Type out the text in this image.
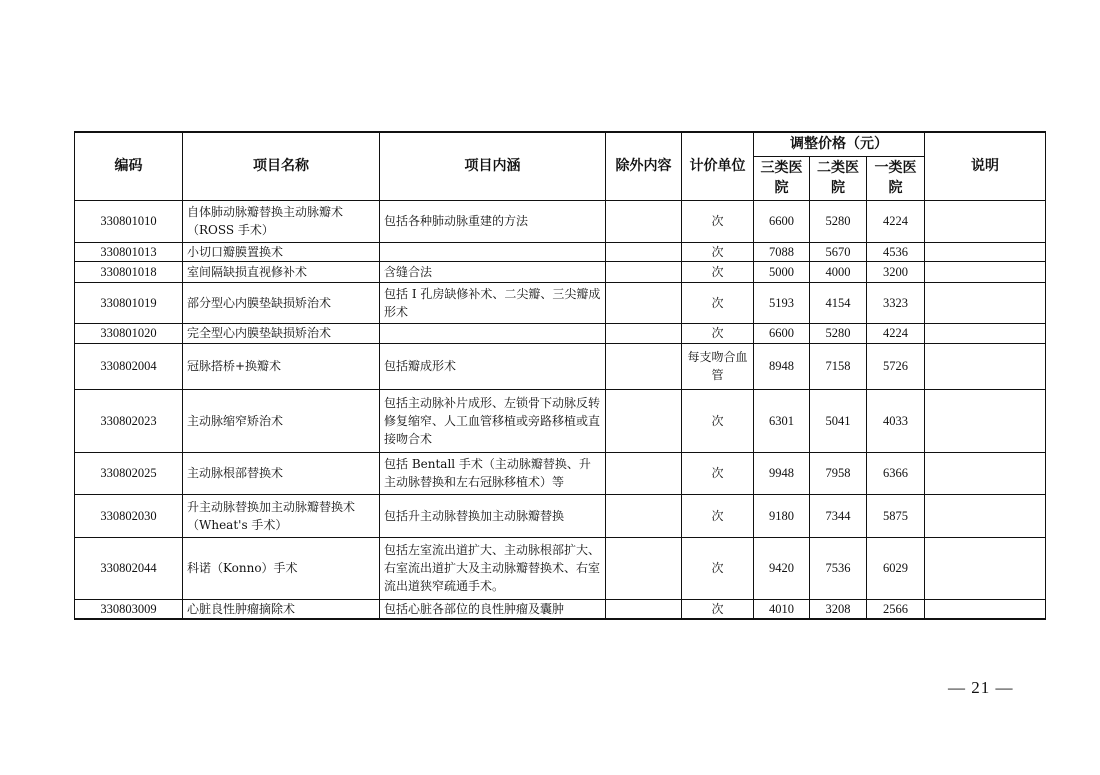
编码	项目名称	项目内涵	除外内容	计价单位	调整价格（元）			说明
					三类医院	二类医院	一类医院	
330801010	自体肺动脉瓣替换主动脉瓣术（ROSS 手术）	包括各种肺动脉重建的方法		次	6600	5280	4224	
330801013	小切口瓣膜置换术			次	7088	5670	4536	
330801018	室间隔缺损直视修补术	含缝合法		次	5000	4000	3200	
330801019	部分型心内膜垫缺损矫治术	包括 I 孔房缺修补术、二尖瓣、三尖瓣成形术		次	5193	4154	3323	
330801020	完全型心内膜垫缺损矫治术			次	6600	5280	4224	
330802004	冠脉搭桥+换瓣术	包括瓣成形术		每支吻合血管	8948	7158	5726	
330802023	主动脉缩窄矫治术	包括主动脉补片成形、左锁骨下动脉反转修复缩窄、人工血管移植或旁路移植或直接吻合术		次	6301	5041	4033	
330802025	主动脉根部替换术	包括 Bentall 手术（主动脉瓣替换、升主动脉替换和左右冠脉移植术）等		次	9948	7958	6366	
330802030	升主动脉替换加主动脉瓣替换术（Wheat's 手术）	包括升主动脉替换加主动脉瓣替换		次	9180	7344	5875	
330802044	科诺（Konno）手术	包括左室流出道扩大、主动脉根部扩大、右室流出道扩大及主动脉瓣替换术、右室流出道狭窄疏通手术。		次	9420	7536	6029	
330803009	心脏良性肿瘤摘除术	包括心脏各部位的良性肿瘤及囊肿		次	4010	3208	2566	
— 21 —
